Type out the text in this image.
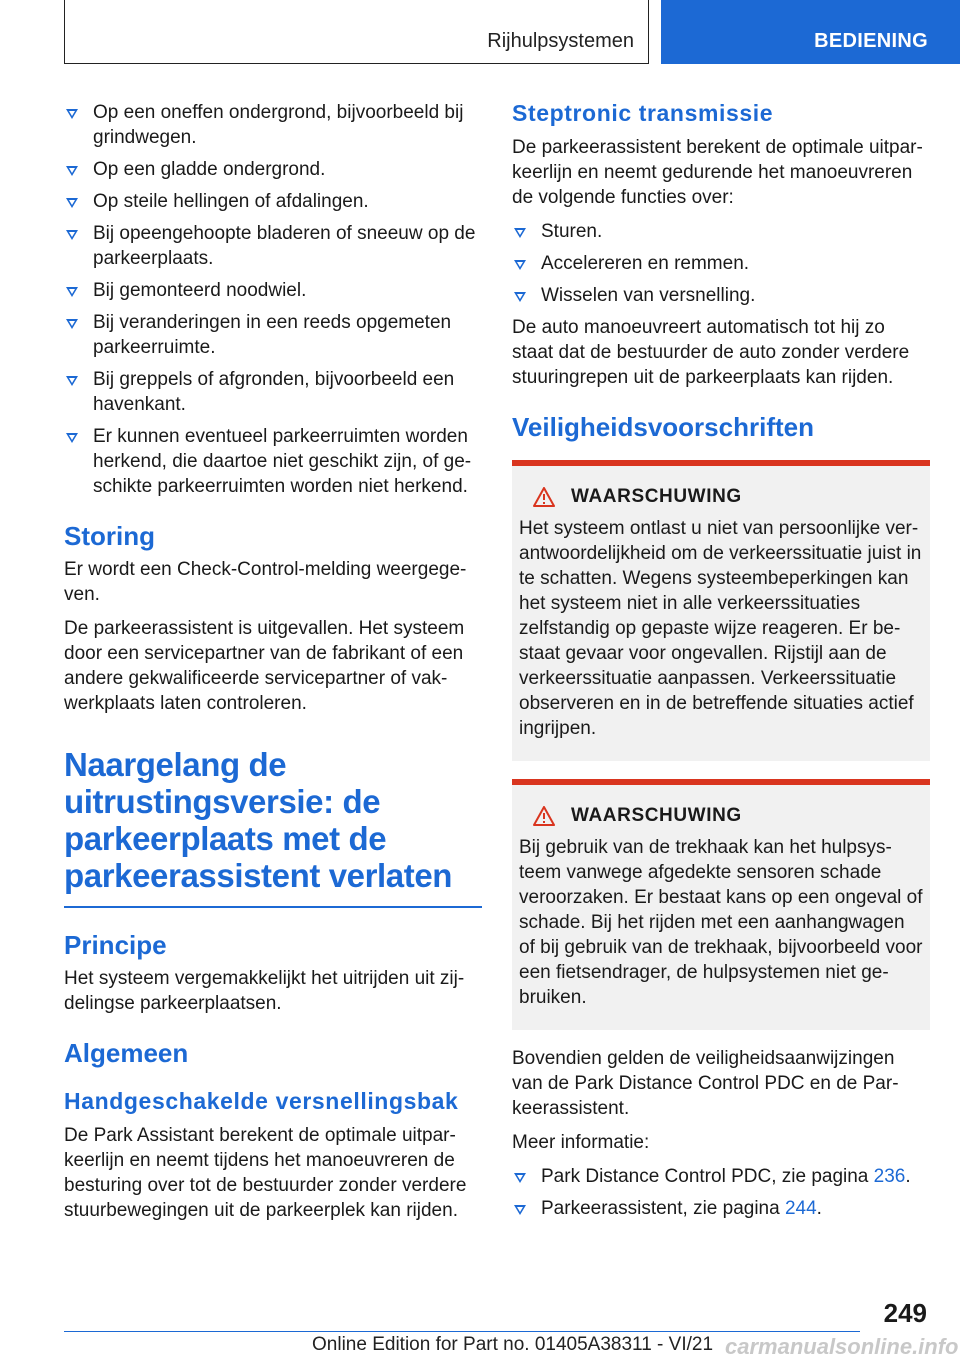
Rijhulpsystemen	BEDIENING
Op een oneffen ondergrond, bijvoorbeeld bij grindwegen.
Op een gladde ondergrond.
Op steile hellingen of afdalingen.
Bij opeengehoopte bladeren of sneeuw op de parkeerplaats.
Bij gemonteerd noodwiel.
Bij veranderingen in een reeds opgemeten parkeerruimte.
Bij greppels of afgronden, bijvoorbeeld een havenkant.
Er kunnen eventueel parkeerruimten worden herkend, die daartoe niet geschikt zijn, of geschikte parkeerruimten worden niet herkend.
Storing

Er wordt een Check-Control-melding weergegeven.

De parkeerassistent is uitgevallen. Het systeem door een servicepartner van de fabrikant of een andere gekwalificeerde servicepartner of vakwerkplaats laten controleren.

Naargelang de uitrustingsversie: de parkeerplaats met de parkeerassistent verlaten
Principe

Het systeem vergemakkelijkt het uitrijden uit zijdelingse parkeerplaatsen.

Algemeen
Handgeschakelde versnellingsbak

De Park Assistant berekent de optimale uitparkeerlijn en neemt tijdens het manoeuvreren de besturing over tot de bestuurder zonder verdere stuurbewegingen uit de parkeerplek kan rijden.

Steptronic transmissie

De parkeerassistent berekent de optimale uitparkeerlijn en neemt gedurende het manoeuvreren de volgende functies over:

Sturen.
Accelereren en remmen.
Wisselen van versnelling.

De auto manoeuvreert automatisch tot hij zo staat dat de bestuurder de auto zonder verdere stuuringrepen uit de parkeerplaats kan rijden.

Veiligheidsvoorschriften
WAARSCHUWING

Het systeem ontlast u niet van persoonlijke verantwoordelijkheid om de verkeerssituatie juist in te schatten. Wegens systeembeperkingen kan het systeem niet in alle verkeerssituaties zelfstandig op gepaste wijze reageren. Er bestaat gevaar voor ongevallen. Rijstijl aan de verkeerssituatie aanpassen. Verkeerssituatie observeren en in de betreffende situaties actief ingrijpen.

WAARSCHUWING

Bij gebruik van de trekhaak kan het hulpsysteem vanwege afgedekte sensoren schade veroorzaken. Er bestaat kans op een ongeval of schade. Bij het rijden met een aanhangwagen of bij gebruik van de trekhaak, bijvoorbeeld voor een fietsendrager, de hulpsystemen niet gebruiken.

Bovendien gelden de veiligheidsaanwijzingen van de Park Distance Control PDC en de Parkeerassistent.

Meer informatie:

Park Distance Control PDC, zie pagina 236.
Parkeerassistent, zie pagina 244.
249
Online Edition for Part no. 01405A38311 - VI/21 carmanualsonline.info
